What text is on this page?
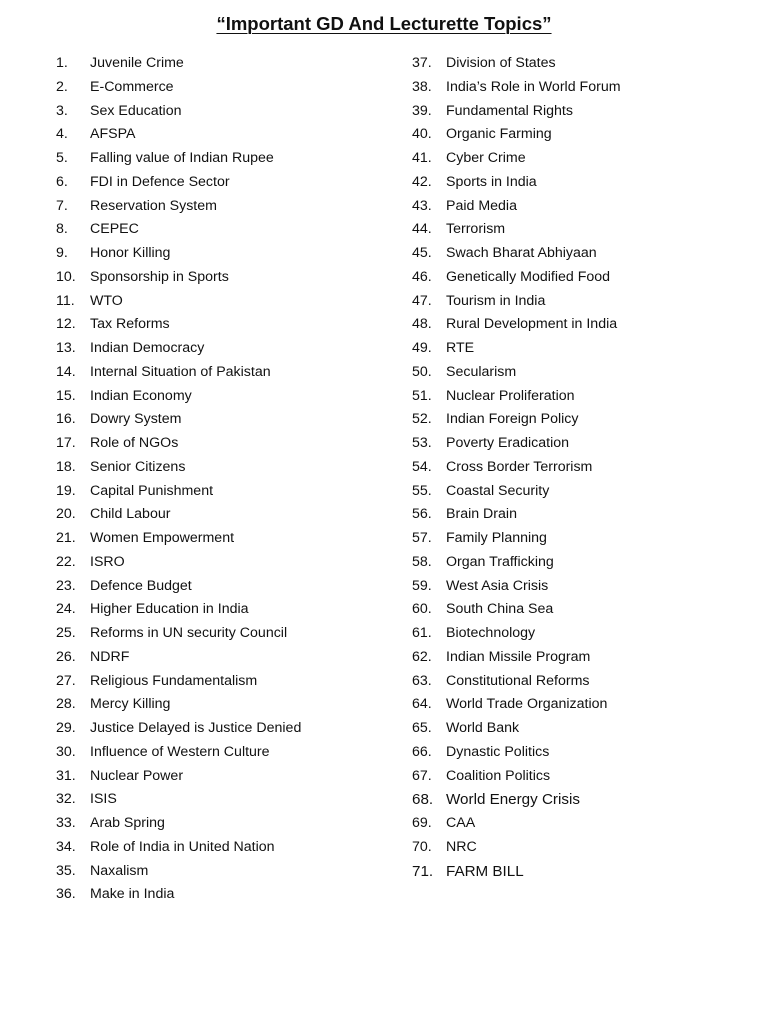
“Important GD And Lecturette Topics”
1. Juvenile Crime
2. E-Commerce
3. Sex Education
4. AFSPA
5. Falling value of Indian Rupee
6. FDI in Defence Sector
7. Reservation System
8. CEPEC
9. Honor Killing
10. Sponsorship in Sports
11. WTO
12. Tax Reforms
13. Indian Democracy
14. Internal Situation of Pakistan
15. Indian Economy
16. Dowry System
17. Role of NGOs
18. Senior Citizens
19. Capital Punishment
20. Child Labour
21. Women Empowerment
22. ISRO
23. Defence Budget
24. Higher Education in India
25. Reforms in UN security Council
26. NDRF
27. Religious Fundamentalism
28. Mercy Killing
29. Justice Delayed is Justice Denied
30. Influence of Western Culture
31. Nuclear Power
32. ISIS
33. Arab Spring
34. Role of India in United Nation
35. Naxalism
36. Make in India
37. Division of States
38. India’s Role in World Forum
39. Fundamental Rights
40. Organic Farming
41. Cyber Crime
42. Sports in India
43. Paid Media
44. Terrorism
45. Swach Bharat Abhiyaan
46. Genetically Modified Food
47. Tourism in India
48. Rural Development in India
49. RTE
50. Secularism
51. Nuclear Proliferation
52. Indian Foreign Policy
53. Poverty Eradication
54. Cross Border Terrorism
55. Coastal Security
56. Brain Drain
57. Family Planning
58. Organ Trafficking
59. West Asia Crisis
60. South China Sea
61. Biotechnology
62. Indian Missile Program
63. Constitutional Reforms
64. World Trade Organization
65. World Bank
66. Dynastic Politics
67. Coalition Politics
68. World Energy Crisis
69. CAA
70. NRC
71. FARM BILL
